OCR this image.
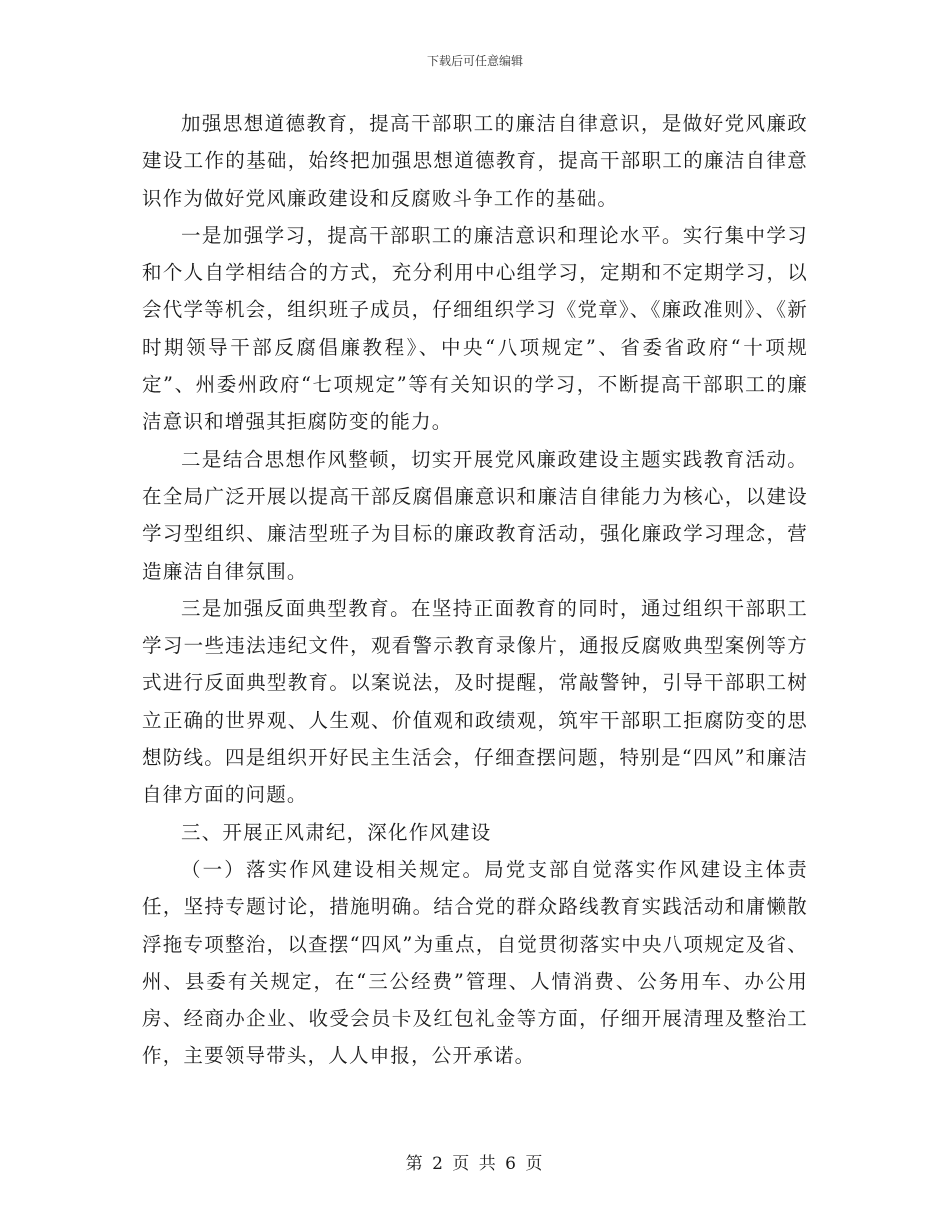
下载后可任意编辑

加强思想道德教育，提高干部职工的廉洁自律意识，是做好党风廉政建设工作的基础，始终把加强思想道德教育，提高干部职工的廉洁自律意识作为做好党风廉政建设和反腐败斗争工作的基础。

一是加强学习，提高干部职工的廉洁意识和理论水平。实行集中学习和个人自学相结合的方式，充分利用中心组学习，定期和不定期学习，以会代学等机会，组织班子成员，仔细组织学习《党章》、《廉政准则》、《新时期领导干部反腐倡廉教程》、中央“八项规定”、省委省政府“十项规定”、州委州政府“七项规定”等有关知识的学习，不断提高干部职工的廉洁意识和增强其拒腐防变的能力。

二是结合思想作风整顿，切实开展党风廉政建设主题实践教育活动。在全局广泛开展以提高干部反腐倡廉意识和廉洁自律能力为核心，以建设学习型组织、廉洁型班子为目标的廉政教育活动，强化廉政学习理念，营造廉洁自律氛围。

三是加强反面典型教育。在坚持正面教育的同时，通过组织干部职工学习一些违法违纪文件，观看警示教育录像片，通报反腐败典型案例等方式进行反面典型教育。以案说法，及时提醒，常敲警钟，引导干部职工树立正确的世界观、人生观、价值观和政绩观，筑牢干部职工拒腐防变的思想防线。四是组织开好民主生活会，仔细查摆问题，特别是“四风”和廉洁自律方面的问题。

三、开展正风肃纪，深化作风建设

（一）落实作风建设相关规定。局党支部自觉落实作风建设主体责任，坚持专题讨论，措施明确。结合党的群众路线教育实践活动和庸懒散浮拖专项整治，以查摆“四风”为重点，自觉贯彻落实中央八项规定及省、州、县委有关规定，在“三公经费”管理、人情消费、公务用车、办公用房、经商办企业、收受会员卡及红包礼金等方面，仔细开展清理及整治工作，主要领导带头，人人申报，公开承诺。

第 2 页 共 6 页
